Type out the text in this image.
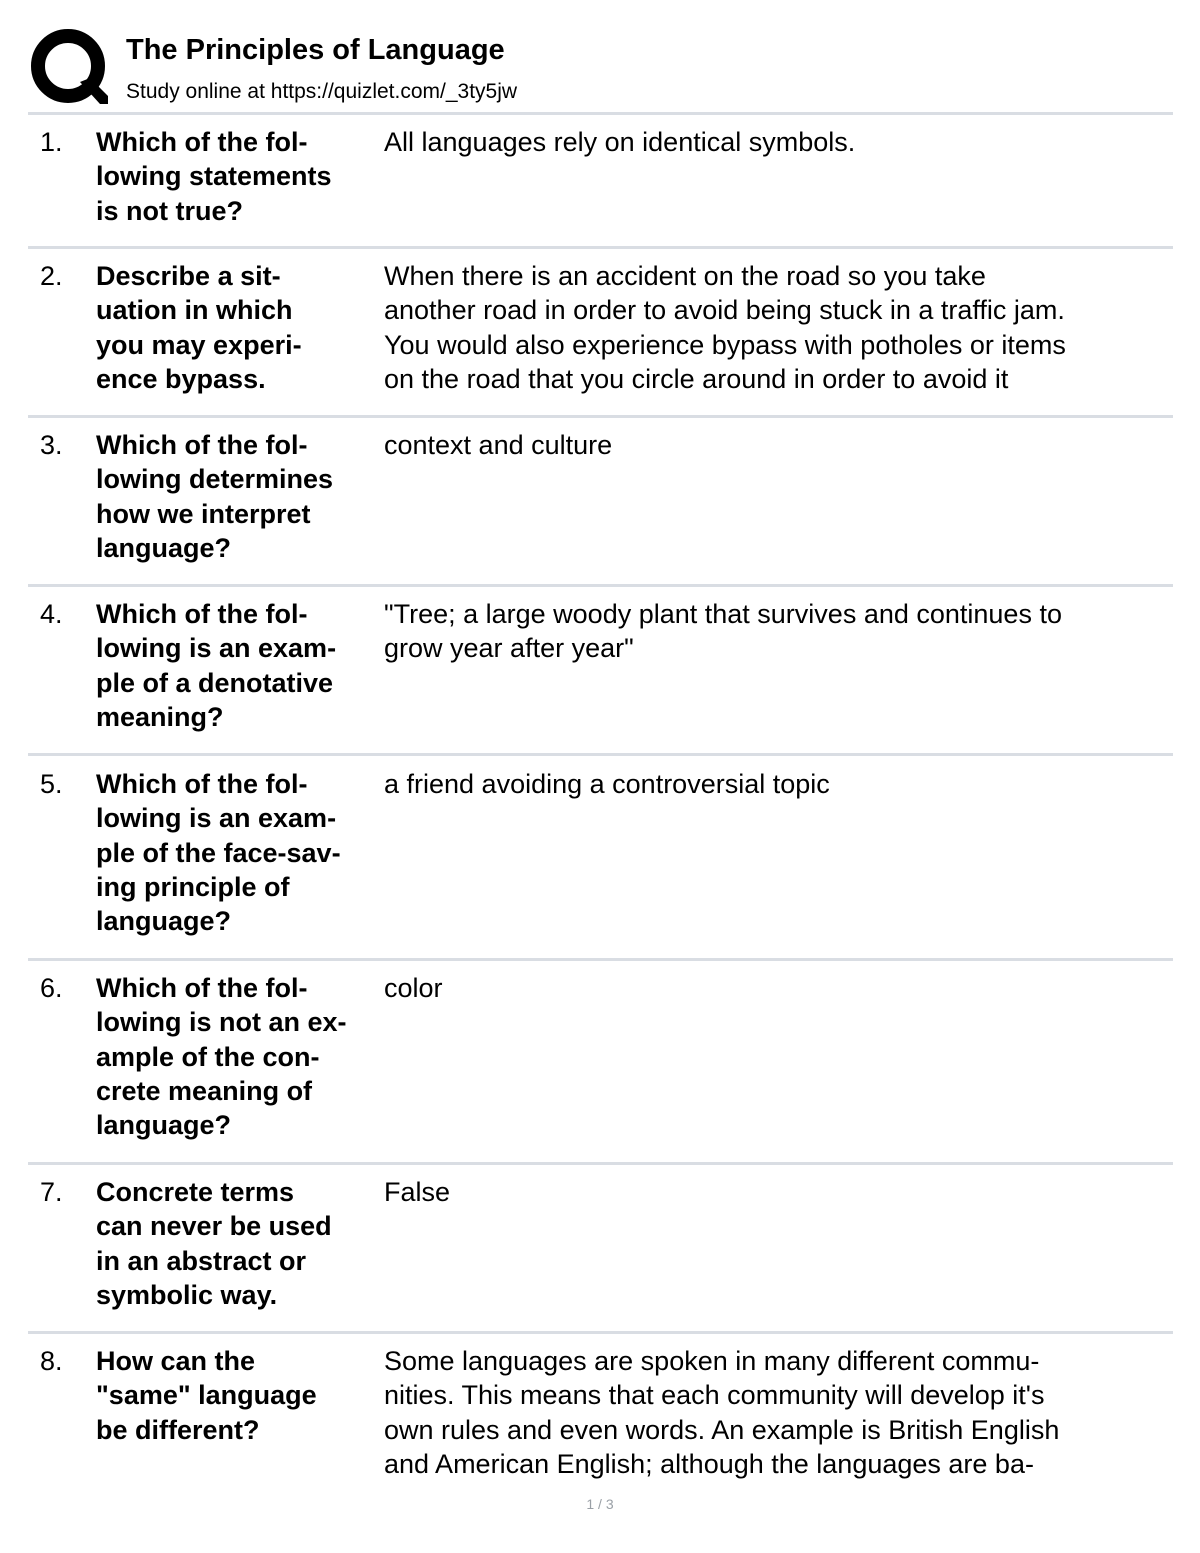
The Principles of Language
Study online at https://quizlet.com/_3ty5jw
1. Which of the fol-
lowing statements
is not true?
All languages rely on identical symbols.
2. Describe a sit-
uation in which
you may experi-
ence bypass.
When there is an accident on the road so you take
another road in order to avoid being stuck in a traffic jam.
You would also experience bypass with potholes or items
on the road that you circle around in order to avoid it
3. Which of the fol-
lowing determines
how we interpret
language?
context and culture
4. Which of the fol-
lowing is an exam-
ple of a denotative
meaning?
"Tree; a large woody plant that survives and continues to
grow year after year"
5. Which of the fol-
lowing is an exam-
ple of the face-sav-
ing principle of
language?
a friend avoiding a controversial topic
6. Which of the fol-
lowing is not an ex-
ample of the con-
crete meaning of
language?
color
7. Concrete terms
can never be used
in an abstract or
symbolic way.
False
8. How can the
"same" language
be different?
Some languages are spoken in many different commu-
nities. This means that each community will develop it's
own rules and even words. An example is British English
and American English; although the languages are ba-
1 / 3
